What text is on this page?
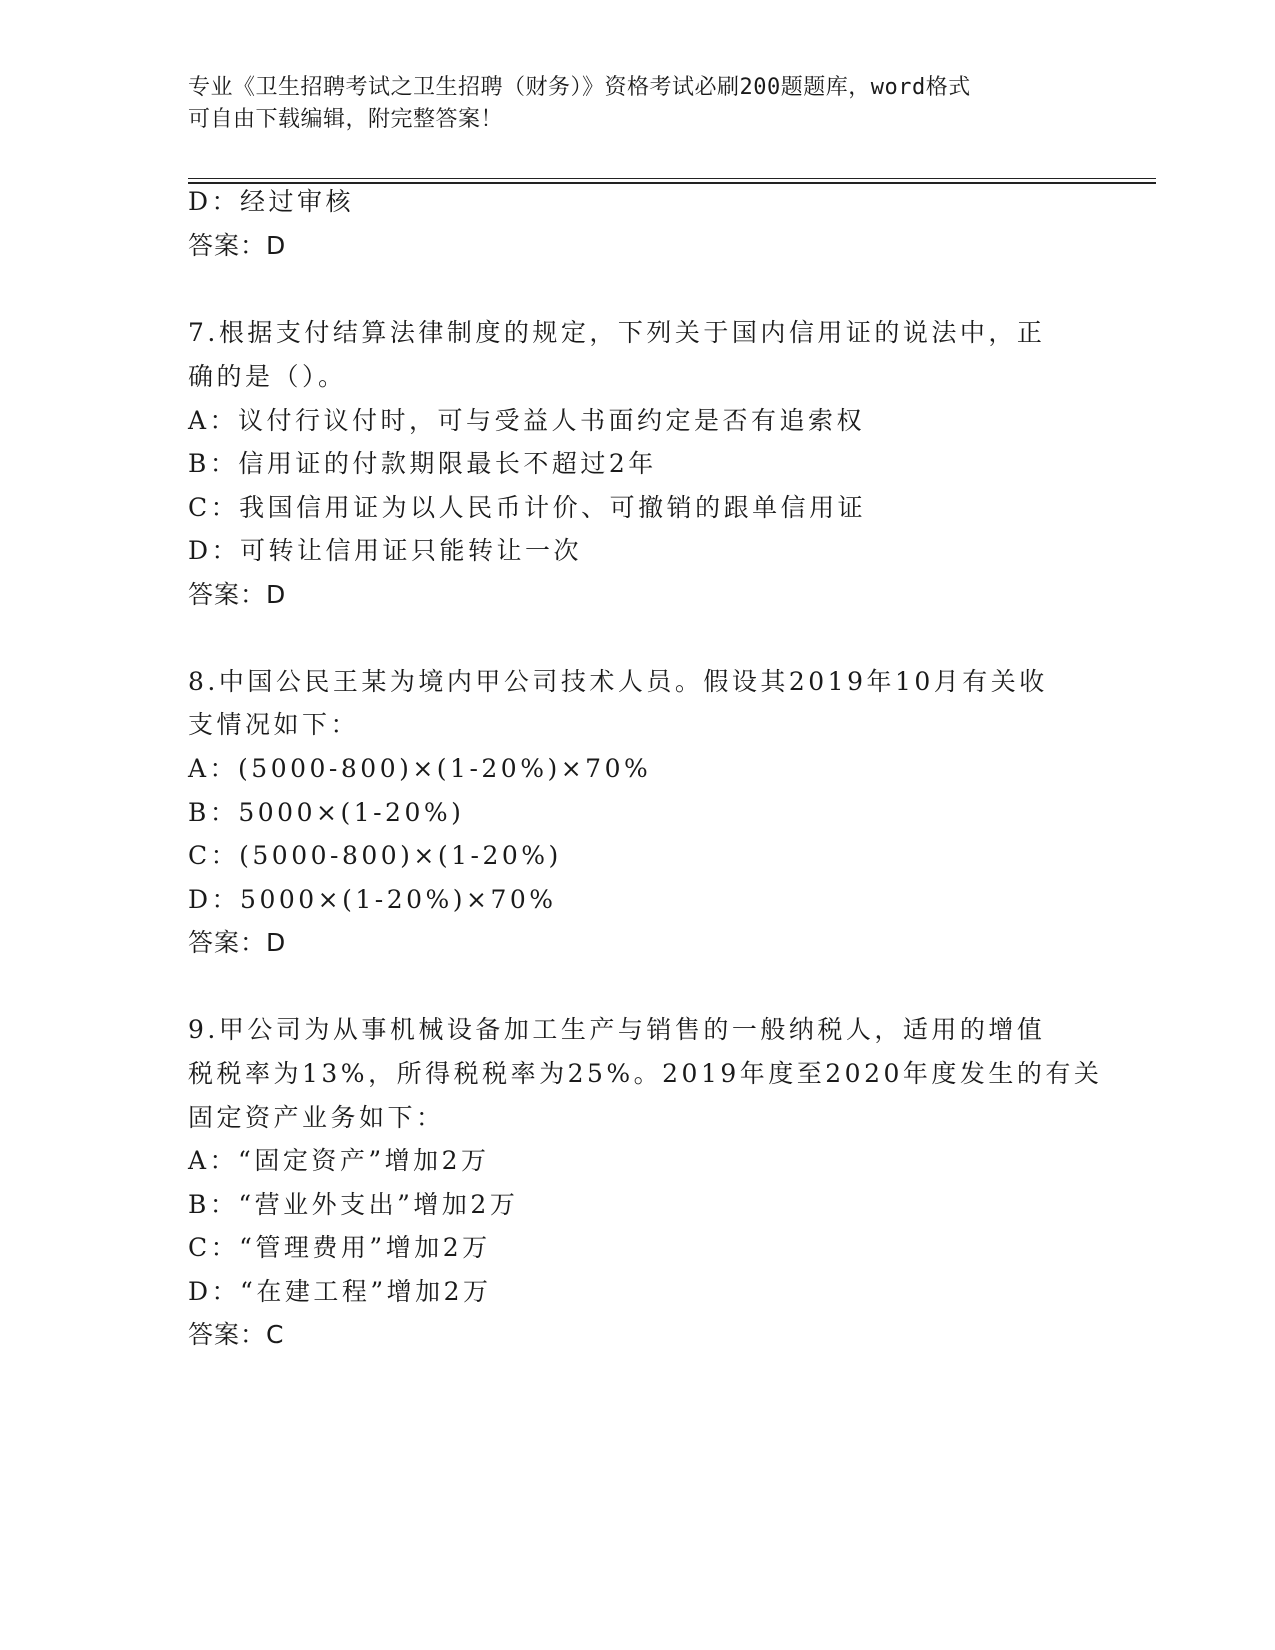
专业《卫生招聘考试之卫生招聘（财务）》资格考试必刷200题题库，word格式
可自由下载编辑，附完整答案！
D：经过审核
答案：D
7.根据支付结算法律制度的规定，下列关于国内信用证的说法中，正
确的是（）。
A：议付行议付时，可与受益人书面约定是否有追索权
B：信用证的付款期限最长不超过2年
C：我国信用证为以人民币计价、可撤销的跟单信用证
D：可转让信用证只能转让一次
答案：D
8.中国公民王某为境内甲公司技术人员。假设其2019年10月有关收
支情况如下：
A：(5000-800)×(1-20%)×70%
B：5000×(1-20%)
C：(5000-800)×(1-20%)
D：5000×(1-20%)×70%
答案：D
9.甲公司为从事机械设备加工生产与销售的一般纳税人，适用的增值
税税率为13%，所得税税率为25%。2019年度至2020年度发生的有关
固定资产业务如下：
A：“固定资产”增加2万
B：“营业外支出”增加2万
C：“管理费用”增加2万
D：“在建工程”增加2万
答案：C
